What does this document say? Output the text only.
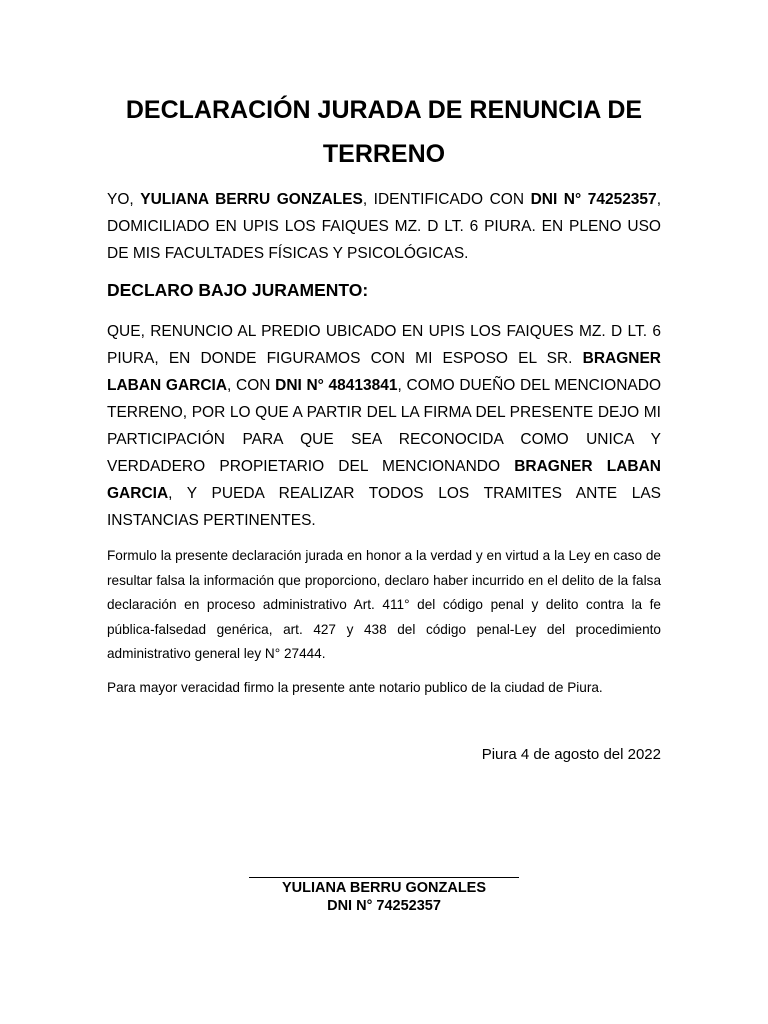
DECLARACIÓN JURADA DE RENUNCIA DE TERRENO

YO, YULIANA BERRU GONZALES, IDENTIFICADO CON DNI N° 74252357, DOMICILIADO EN UPIS LOS FAIQUES MZ. D LT. 6 PIURA. EN PLENO USO DE MIS FACULTADES FÍSICAS Y PSICOLÓGICAS.

DECLARO BAJO JURAMENTO:

QUE, RENUNCIO AL PREDIO UBICADO EN UPIS LOS FAIQUES MZ. D LT. 6 PIURA, EN DONDE FIGURAMOS CON MI ESPOSO EL SR. BRAGNER LABAN GARCIA, CON DNI N° 48413841, COMO DUEÑO DEL MENCIONADO TERRENO, POR LO QUE A PARTIR DEL LA FIRMA DEL PRESENTE DEJO MI PARTICIPACIÓN PARA QUE SEA RECONOCIDA COMO UNICA Y VERDADERO PROPIETARIO DEL MENCIONANDO BRAGNER LABAN GARCIA, Y PUEDA REALIZAR TODOS LOS TRAMITES ANTE LAS INSTANCIAS PERTINENTES.

Formulo la presente declaración jurada en honor a la verdad y en virtud a la Ley en caso de resultar falsa la información que proporciono, declaro haber incurrido en el delito de la falsa declaración en proceso administrativo Art. 411° del código penal y delito contra la fe pública-falsedad genérica, art. 427 y 438 del código penal-Ley del procedimiento administrativo general ley N° 27444.

Para mayor veracidad firmo la presente ante notario publico de la ciudad de Piura.

Piura 4 de agosto del 2022

YULIANA BERRU GONZALES

DNI N° 74252357
